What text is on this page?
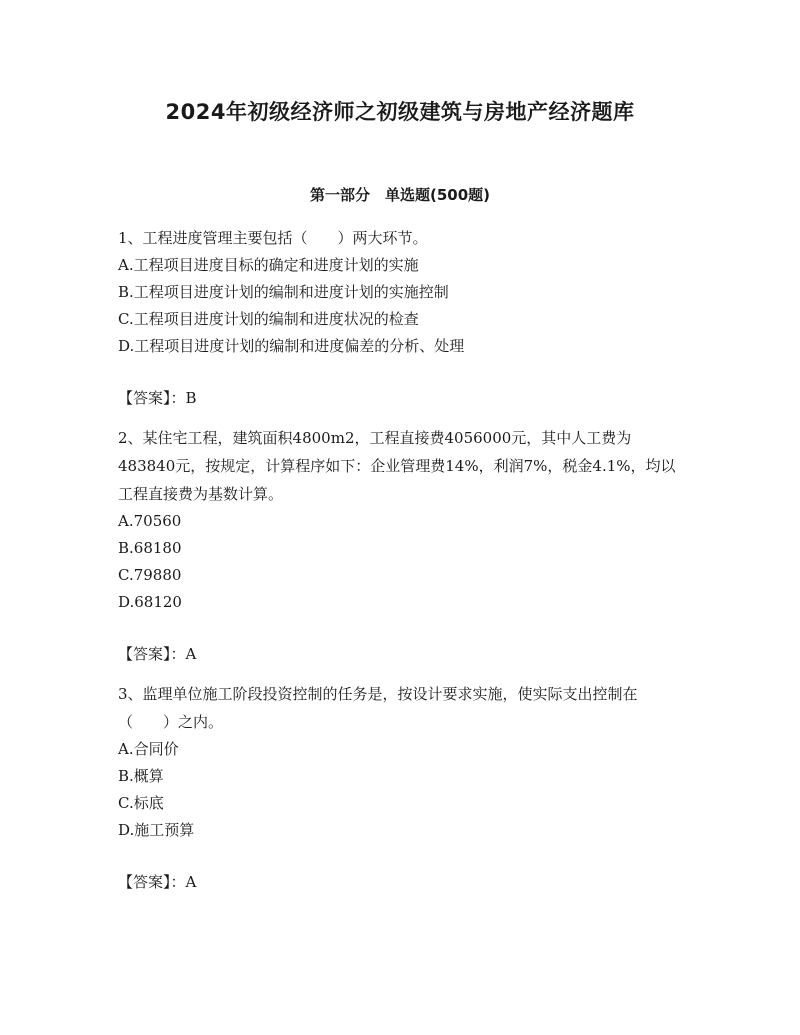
2024年初级经济师之初级建筑与房地产经济题库
第一部分　单选题(500题)

1、工程进度管理主要包括（　　）两大环节。

A.工程项目进度目标的确定和进度计划的实施

B.工程项目进度计划的编制和进度计划的实施控制

C.工程项目进度计划的编制和进度状况的检查

D.工程项目进度计划的编制和进度偏差的分析、处理

【答案】：B

2、某住宅工程，建筑面积4800m2，工程直接费4056000元，其中人工费为483840元，按规定，计算程序如下：企业管理费14%，利润7%，税金4.1%，均以工程直接费为基数计算。

A.70560

B.68180

C.79880

D.68120

【答案】：A

3、监理单位施工阶段投资控制的任务是，按设计要求实施，使实际支出控制在（　　）之内。

A.合同价

B.概算

C.标底

D.施工预算

【答案】：A
